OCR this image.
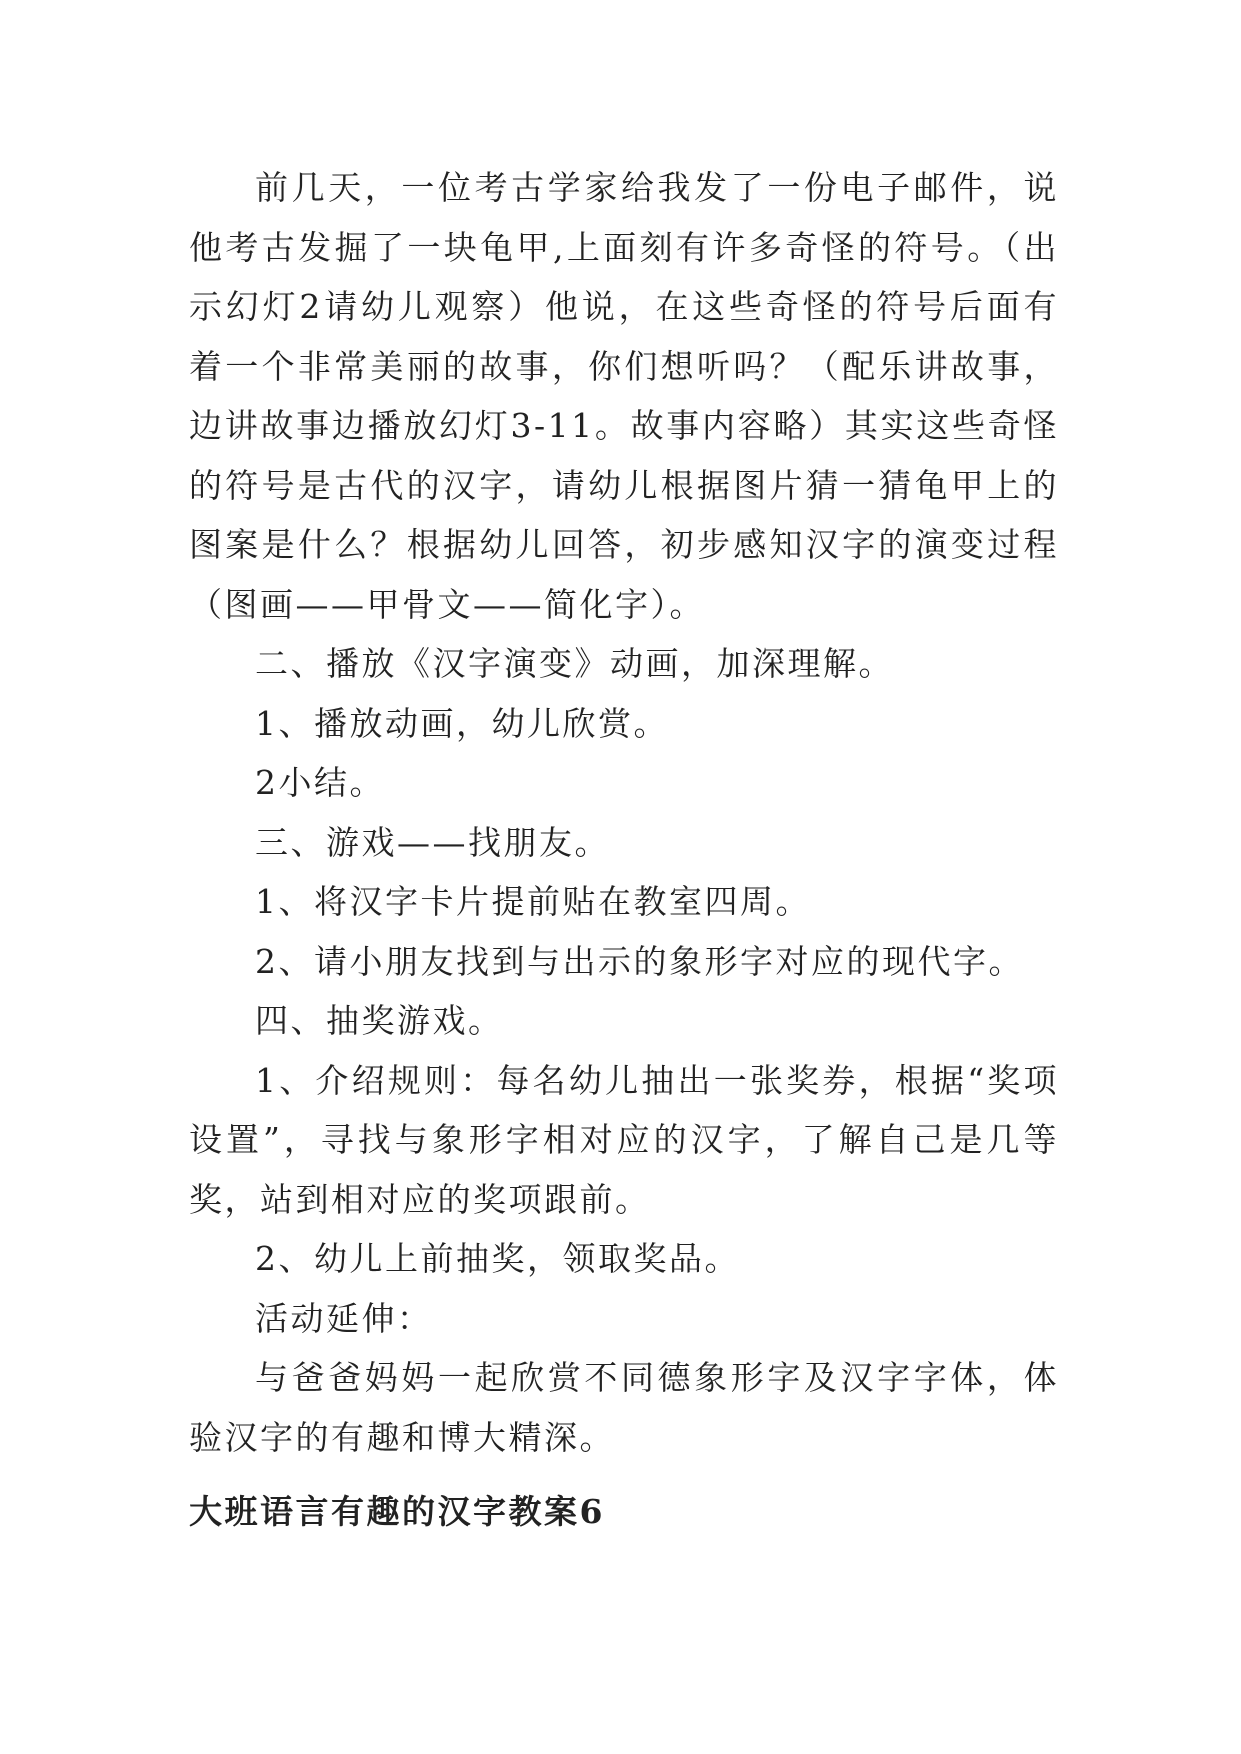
前几天，一位考古学家给我发了一份电子邮件，说他考古发掘了一块龟甲,上面刻有许多奇怪的符号。（出示幻灯2请幼儿观察）他说，在这些奇怪的符号后面有着一个非常美丽的故事，你们想听吗？（配乐讲故事，边讲故事边播放幻灯3-11。故事内容略）其实这些奇怪的符号是古代的汉字，请幼儿根据图片猜一猜龟甲上的图案是什么？根据幼儿回答，初步感知汉字的演变过程（图画——甲骨文——简化字）。

二、播放《汉字演变》动画，加深理解。

1、播放动画，幼儿欣赏。

2小结。

三、游戏——找朋友。

1、将汉字卡片提前贴在教室四周。

2、请小朋友找到与出示的象形字对应的现代字。

四、抽奖游戏。

1、介绍规则：每名幼儿抽出一张奖券，根据“奖项设置”，寻找与象形字相对应的汉字，了解自己是几等奖，站到相对应的奖项跟前。

2、幼儿上前抽奖，领取奖品。

活动延伸：

与爸爸妈妈一起欣赏不同德象形字及汉字字体，体验汉字的有趣和博大精深。

大班语言有趣的汉字教案6
